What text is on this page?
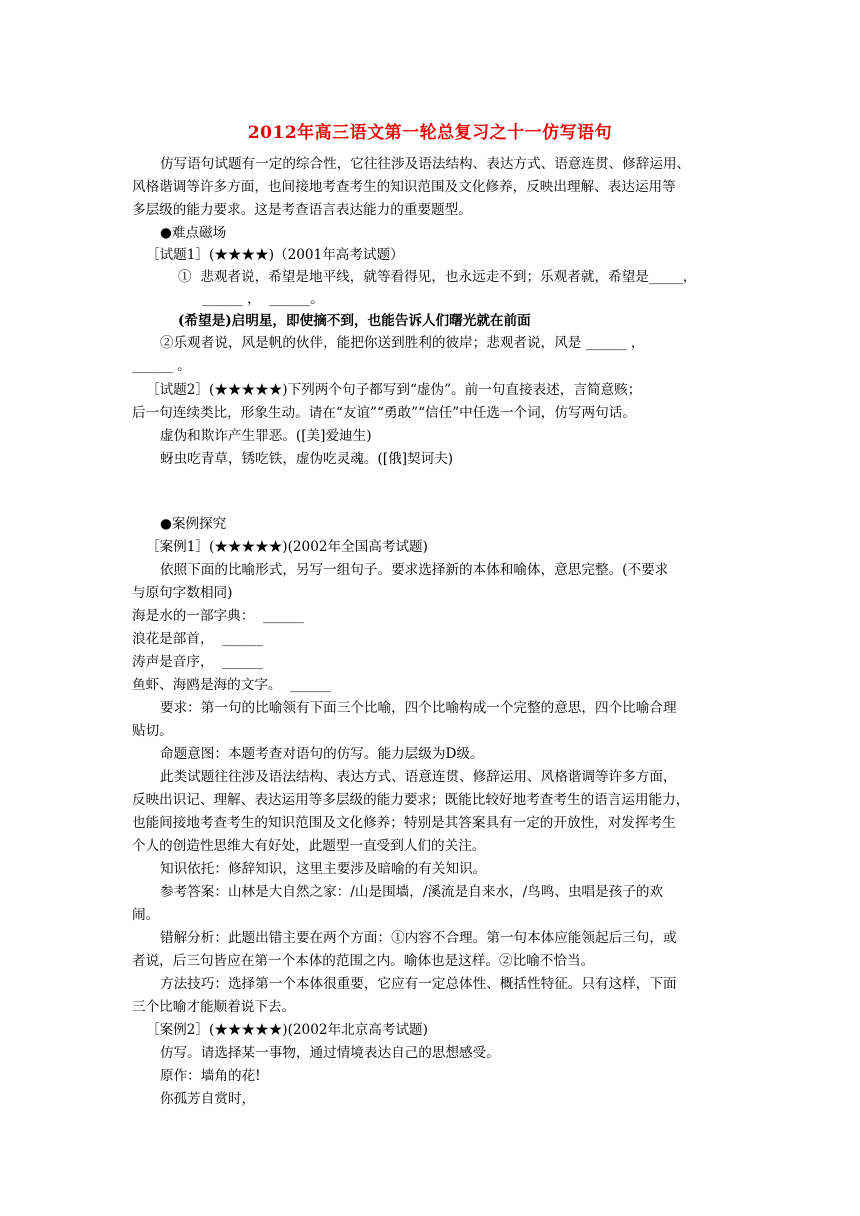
2012年高三语文第一轮总复习之十一仿写语句
仿写语句试题有一定的综合性，它往往涉及语法结构、表达方式、语意连贯、修辞运用、
风格谐调等许多方面，也间接地考查考生的知识范围及文化修养，反映出理解、表达运用等
多层级的能力要求。这是考查语言表达能力的重要题型。
●难点磁场
［试题1］(★★★★)（2001年高考试题）
①  悲观者说，希望是地平线，就等看得见，也永远走不到；乐观者就，希望是_____，
______ ，  ______。
(希望是)启明星，即使摘不到，也能告诉人们曙光就在前面
②乐观者说，风是帆的伙伴，能把你送到胜利的彼岸；悲观者说，风是 ______ ，
______ 。
［试题2］(★★★★★)下列两个句子都写到“虚伪”。前一句直接表述，言简意赅；
后一句连续类比，形象生动。请在“友谊”“勇敢”“信任”中任选一个词，仿写两句话。
虚伪和欺诈产生罪恶。([美]爱迪生)
蚜虫吃青草，锈吃铁，虚伪吃灵魂。([俄]契诃夫)
●案例探究
［案例1］(★★★★★)(2002年全国高考试题)
依照下面的比喻形式，另写一组句子。要求选择新的本体和喻体，意思完整。(不要求
与原句字数相同)
海是水的一部字典：  ______
浪花是部首，  ______
涛声是音序，  ______
鱼虾、海鸥是海的文字。  ______
要求：第一句的比喻领有下面三个比喻，四个比喻构成一个完整的意思，四个比喻合理
贴切。
命题意图：本题考查对语句的仿写。能力层级为D级。
此类试题往往涉及语法结构、表达方式、语意连贯、修辞运用、风格谐调等许多方面，
反映出识记、理解、表达运用等多层级的能力要求；既能比较好地考查考生的语言运用能力，
也能间接地考查考生的知识范围及文化修养；特别是其答案具有一定的开放性，对发挥考生
个人的创造性思维大有好处，此题型一直受到人们的关注。
知识依托：修辞知识，这里主要涉及暗喻的有关知识。
参考答案：山林是大自然之家：/山是围墙，/溪流是自来水，/鸟鸣、虫唱是孩子的欢
闹。
错解分析：此题出错主要在两个方面：①内容不合理。第一句本体应能领起后三句，或
者说，后三句皆应在第一个本体的范围之内。喻体也是这样。②比喻不恰当。
方法技巧：选择第一个本体很重要，它应有一定总体性、概括性特征。只有这样，下面
三个比喻才能顺着说下去。
［案例2］(★★★★★)(2002年北京高考试题)
仿写。请选择某一事物，通过情境表达自己的思想感受。
原作：墙角的花!
你孤芳自赏时，
